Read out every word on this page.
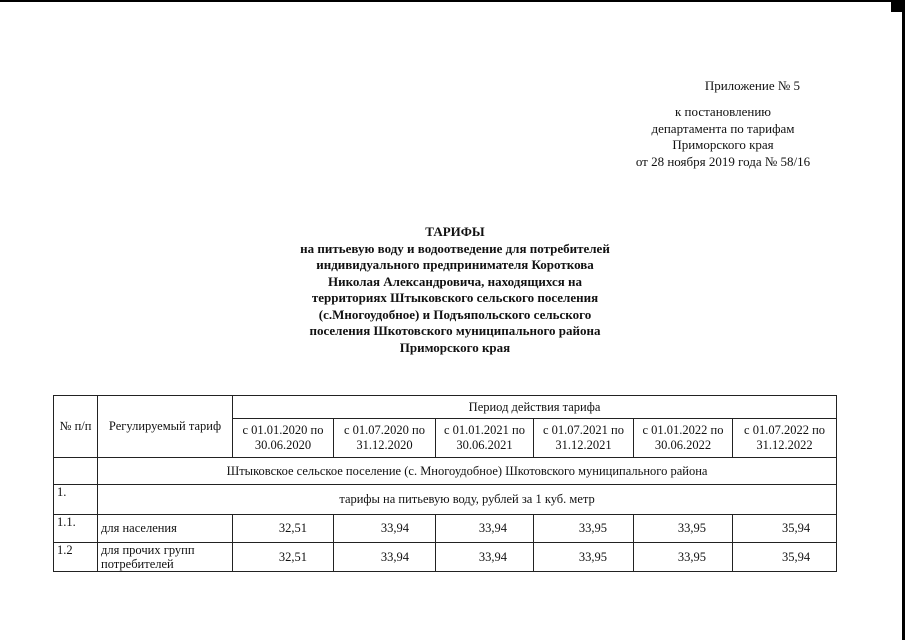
Приложение № 5
к постановлению
департамента по тарифам
Приморского края
от 28 ноября 2019 года № 58/16
ТАРИФЫ
на питьевую воду и водоотведение для потребителей
индивидуального предпринимателя Короткова
Николая Александровича, находящихся на
территориях Штыковского сельского поселения
(с.Многоудобное) и Подъяпольского сельского
поселения Шкотовского муниципального района
Приморского края
№ п/п	Регулируемый тариф	Период действия тарифа					
		с 01.01.2020 по 30.06.2020	с 01.07.2020 по 31.12.2020	с 01.01.2021 по 30.06.2021	с 01.07.2021 по 31.12.2021	с 01.01.2022 по 30.06.2022	с 01.07.2022 по 31.12.2022
	Штыковское сельское поселение (с. Многоудобное) Шкотовского муниципального района						
1.	тарифы на питьевую воду, рублей за 1 куб. метр						
1.1.	для населения	32,51	33,94	33,94	33,95	33,95	35,94
1.2	для прочих групп потребителей	32,51	33,94	33,94	33,95	33,95	35,94
